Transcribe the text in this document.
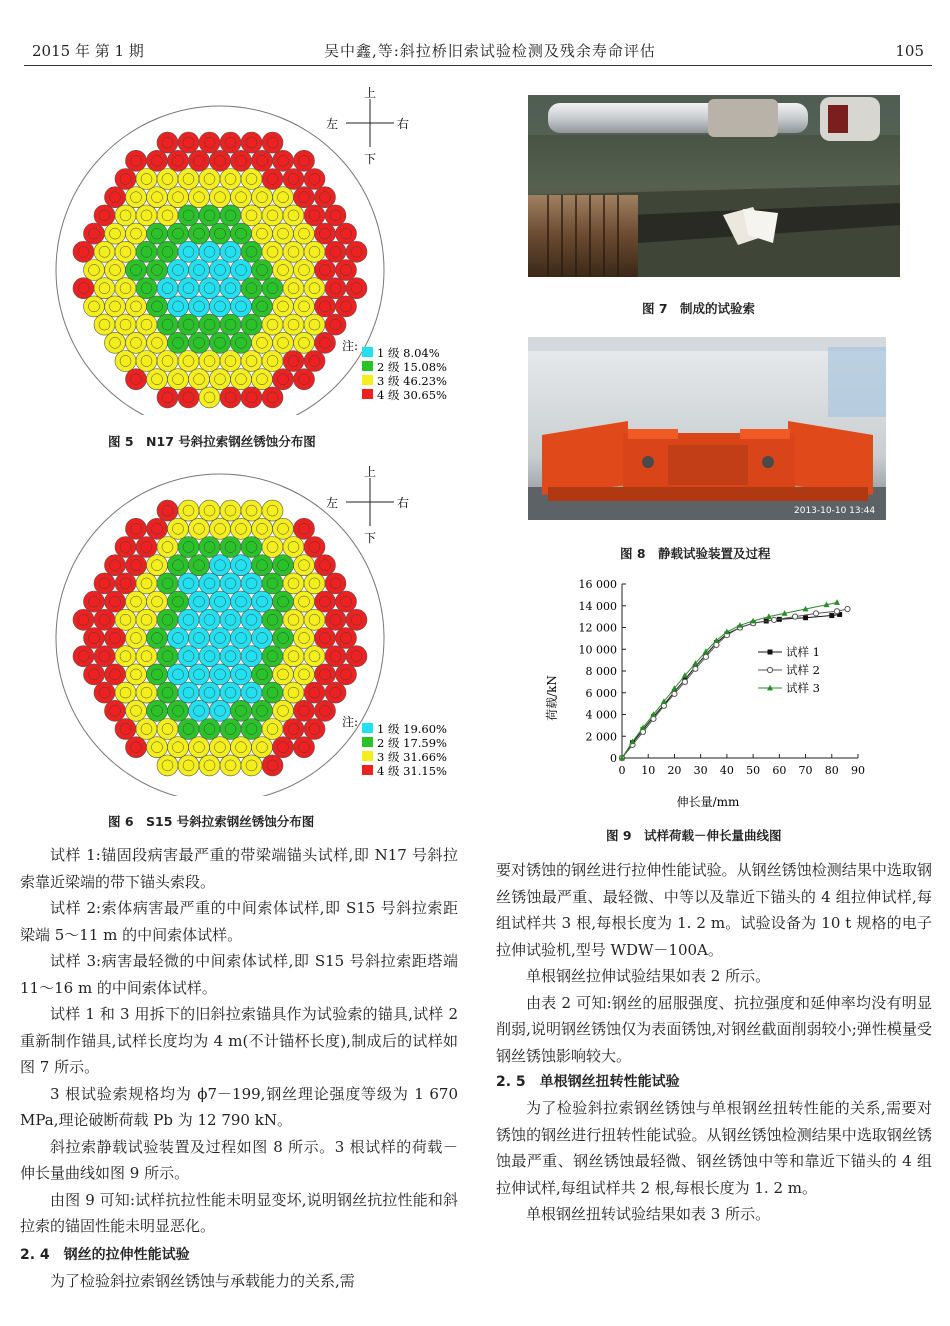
2015 年 第 1 期	吴中鑫,等:斜拉桥旧索试验检测及残余寿命评估	105
上
下
左	右
注: 1 级 8.04%
2 级 15.08%
3 级 46.23%
4 级 30.65%
图 5　N17 号斜拉索钢丝锈蚀分布图
上
下
左	右
注: 1 级 19.60%
2 级 17.59%
3 级 31.66%
4 级 31.15%
图 6　S15 号斜拉索钢丝锈蚀分布图
图 7　制成的试验索
2013-10-10 13:44
图 8　静载试验装置及过程
0 10 20 30 40 50 60 70 80 90
0
2 000
4 000
6 000
8 000
10 000
12 000
14 000
16 000
试样 1
试样 2
试样 3
伸长量/mm
荷载/kN
图 9　试样荷载－伸长量曲线图

试样 1:锚固段病害最严重的带梁端锚头试样,即 N17 号斜拉索靠近梁端的带下锚头索段。

试样 2:索体病害最严重的中间索体试样,即 S15 号斜拉索距梁端 5～11 m 的中间索体试样。

试样 3:病害最轻微的中间索体试样,即 S15 号斜拉索距塔端 11～16 m 的中间索体试样。

试样 1 和 3 用拆下的旧斜拉索锚具作为试验索的锚具,试样 2 重新制作锚具,试样长度均为 4 m(不计锚杯长度),制成后的试样如图 7 所示。

3 根试验索规格均为 ϕ7－199,钢丝理论强度等级为 1 670 MPa,理论破断荷载 Pb 为 12 790 kN。

斜拉索静载试验装置及过程如图 8 所示。3 根试样的荷载－伸长量曲线如图 9 所示。

由图 9 可知:试样抗拉性能未明显变坏,说明钢丝抗拉性能和斜拉索的锚固性能未明显恶化。

2. 4　钢丝的拉伸性能试验

为了检验斜拉索钢丝锈蚀与承载能力的关系,需

要对锈蚀的钢丝进行拉伸性能试验。从钢丝锈蚀检测结果中选取钢丝锈蚀最严重、最轻微、中等以及靠近下锚头的 4 组拉伸试样,每组试样共 3 根,每根长度为 1. 2 m。试验设备为 10 t 规格的电子拉伸试验机,型号 WDW－100A。

单根钢丝拉伸试验结果如表 2 所示。

由表 2 可知:钢丝的屈服强度、抗拉强度和延伸率均没有明显削弱,说明钢丝锈蚀仅为表面锈蚀,对钢丝截面削弱较小;弹性模量受钢丝锈蚀影响较大。

2. 5　单根钢丝扭转性能试验

为了检验斜拉索钢丝锈蚀与单根钢丝扭转性能的关系,需要对锈蚀的钢丝进行扭转性能试验。从钢丝锈蚀检测结果中选取钢丝锈蚀最严重、钢丝锈蚀最轻微、钢丝锈蚀中等和靠近下锚头的 4 组拉伸试样,每组试样共 2 根,每根长度为 1. 2 m。

单根钢丝扭转试验结果如表 3 所示。
